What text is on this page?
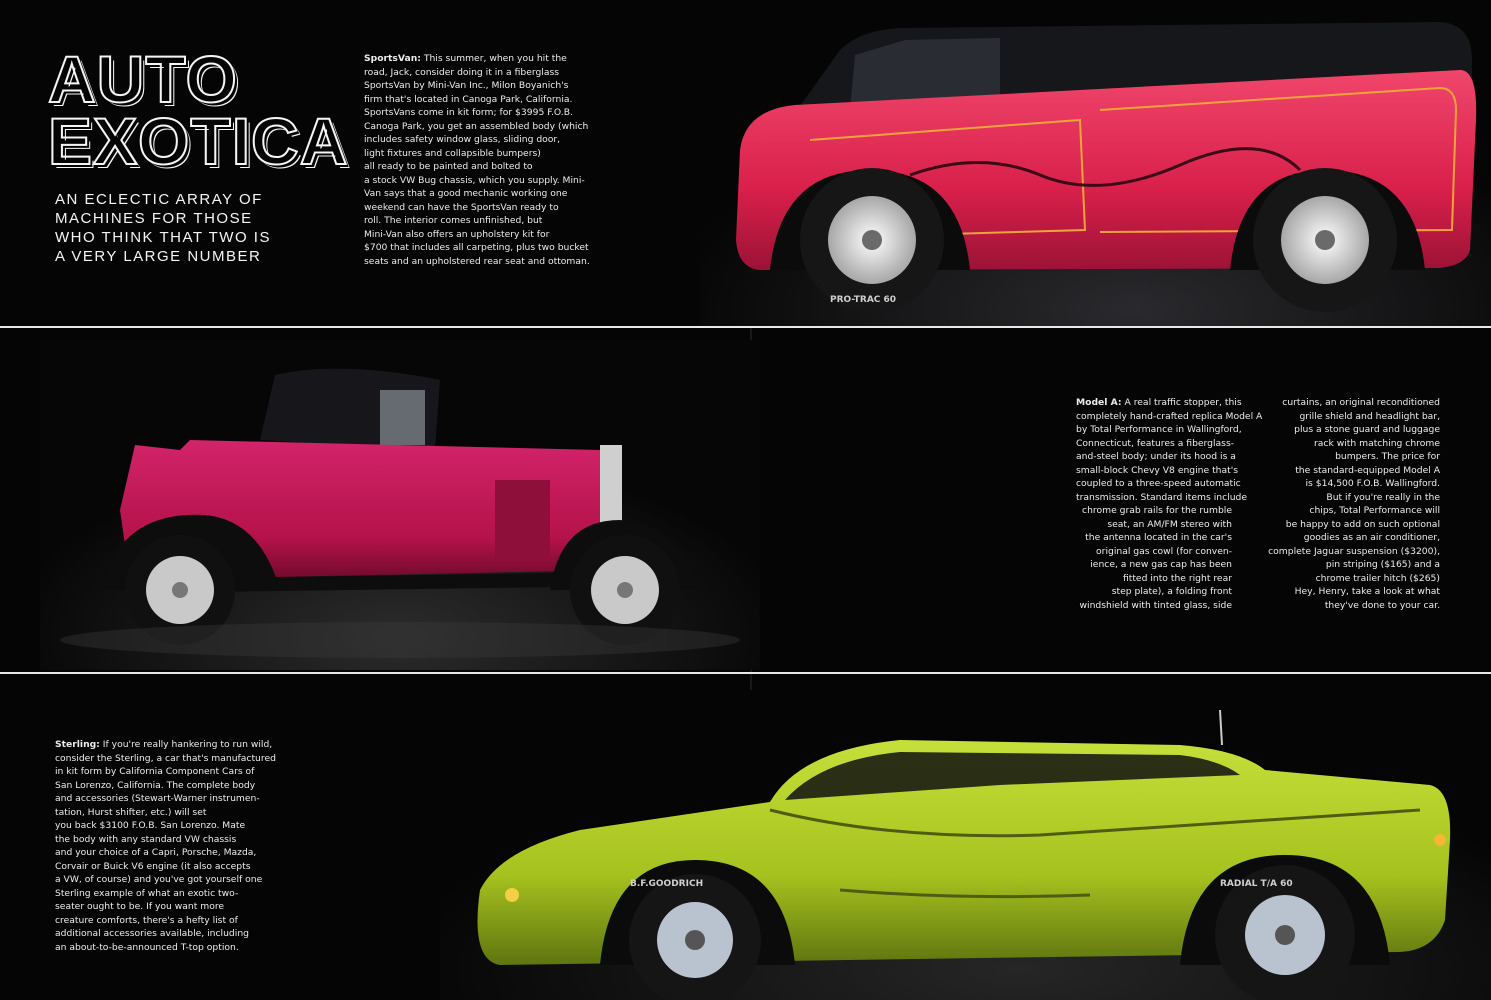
PRO-TRAC 60
B.F.GOODRICH	RADIAL T/A 60
AUTO
EXOTICA
AN ECLECTIC ARRAY OF
MACHINES FOR THOSE
WHO THINK THAT TWO IS
A VERY LARGE NUMBER
SportsVan: This summer, when you hit the
road, Jack, consider doing it in a fiberglass
SportsVan by Mini-Van Inc., Milon Boyanich's
firm that's located in Canoga Park, California.
SportsVans come in kit form; for $3995 F.O.B.
Canoga Park, you get an assembled body (which
includes safety window glass, sliding door,
light fixtures and collapsible bumpers)
all ready to be painted and bolted to
a stock VW Bug chassis, which you supply. Mini-
Van says that a good mechanic working one
weekend can have the SportsVan ready to
roll. The interior comes unfinished, but
Mini-Van also offers an upholstery kit for
$700 that includes all carpeting, plus two bucket
seats and an upholstered rear seat and ottoman.
Model A: A real traffic stopper, this
completely hand-crafted replica Model A
by Total Performance in Wallingford,
Connecticut, features a fiberglass-
and-steel body; under its hood is a
small-block Chevy V8 engine that's
coupled to a three-speed automatic
transmission. Standard items include
chrome grab rails for the rumble
seat, an AM/FM stereo with
the antenna located in the car's
original gas cowl (for conven-
ience, a new gas cap has been
fitted into the right rear
step plate), a folding front
windshield with tinted glass, side
curtains, an original reconditioned
grille shield and headlight bar,
plus a stone guard and luggage
rack with matching chrome
bumpers. The price for
the standard-equipped Model A
is $14,500 F.O.B. Wallingford.
But if you're really in the
chips, Total Performance will
be happy to add on such optional
goodies as an air conditioner,
complete Jaguar suspension ($3200),
pin striping ($165) and a
chrome trailer hitch ($265)
Hey, Henry, take a look at what
they've done to your car.
Sterling: If you're really hankering to run wild,
consider the Sterling, a car that's manufactured
in kit form by California Component Cars of
San Lorenzo, California. The complete body
and accessories (Stewart-Warner instrumen-
tation, Hurst shifter, etc.) will set
you back $3100 F.O.B. San Lorenzo. Mate
the body with any standard VW chassis
and your choice of a Capri, Porsche, Mazda,
Corvair or Buick V6 engine (it also accepts
a VW, of course) and you've got yourself one
Sterling example of what an exotic two-
seater ought to be. If you want more
creature comforts, there's a hefty list of
additional accessories available, including
an about-to-be-announced T-top option.
